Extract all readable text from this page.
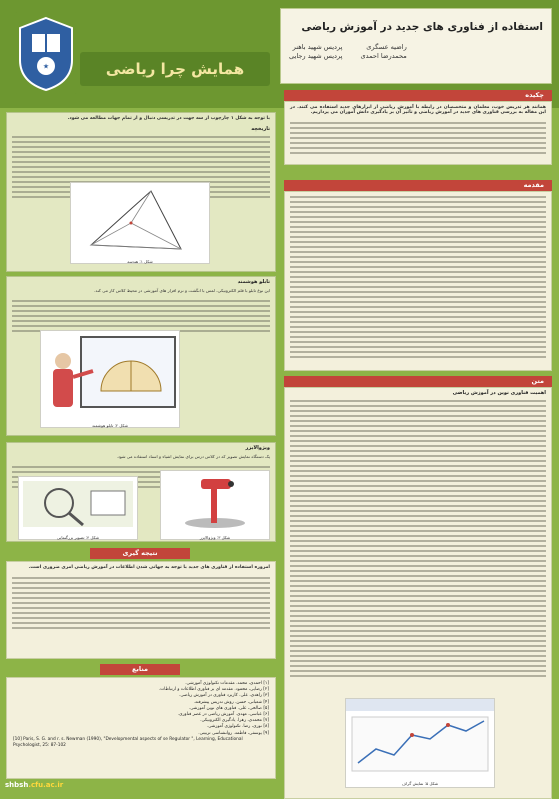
★	همایش چرا ریاضی
استفاده از فناوری های جدید در آموزش ریاضی
راضیه عسگری
محمدرضا احمدی
پردیس شهید باهنر
پردیس شهید رجایی
چکیده
همانند هر تدریس خوب، معلمان و متخصصان در رابطه با آموزش ریاضی از ابزارهای جدید استفاده می کنند. در این مقاله به بررسی فناوری های جدید در آموزش ریاضی و تأثیر آن بر یادگیری دانش آموزان می پردازیم.
مقدمه
متن
اهمیت فناوری نوین در آموزش ریاضی
شکل ۵: نمایش گراف
با توجه به شکل ۱ چارچوب از سه جهت در تدریسی دنبال و از تمام جهات مطالعه می شود.
تاریخچه
شکل ۱: هندسه
تابلو هوشمند
این نوع تابلو با قلم الکترونیکی، لمس با انگشت و نرم افزار های آموزشی در محیط کلاس کار می کند.
شکل ۲: تابلو هوشمند
ویژوالایزر
یک دستگاه نمایش تصویر که در کلاس درس برای نمایش اشیاء و اسناد استفاده می شود.
شکل ۴: تصویر بزرگنمایی	شکل ۳: ویژوالایزر
نتیجه گیری
امروزه استفاده از فناوری های جدید با توجه به جهانی شدن اطلاعات در آموزش ریاضی امری ضروری است.
منابع
[۱] احمدی، محمد. مقدمات تکنولوژی آموزشی.
[۲] رضایی، محمود. مقدمه ای بر فناوری اطلاعات و ارتباطات.
[۳] زاهدی، علی. کاربرد فناوری در آموزش ریاضی.
[۴] شعبانی، حسن. روش تدریس پیشرفته.
[۵] صالحی، علی. فناوری های نوین آموزشی.
[۶] عباسی، مهدی. آموزش ریاضی در عصر فناوری.
[۷] محمدی، زهرا. یادگیری الکترونیکی.
[۸] نوری، رضا. تکنولوژی آموزشی.
[۹] یوسفی، فاطمه. روانشناسی تربیتی.
[10] Paris, S. G. and r. s. Newman (1990), "Developmental aspects of se Regulator ", Learning, Educational Psychologist, 25: 87-102
shbsh.cfu.ac.ir
